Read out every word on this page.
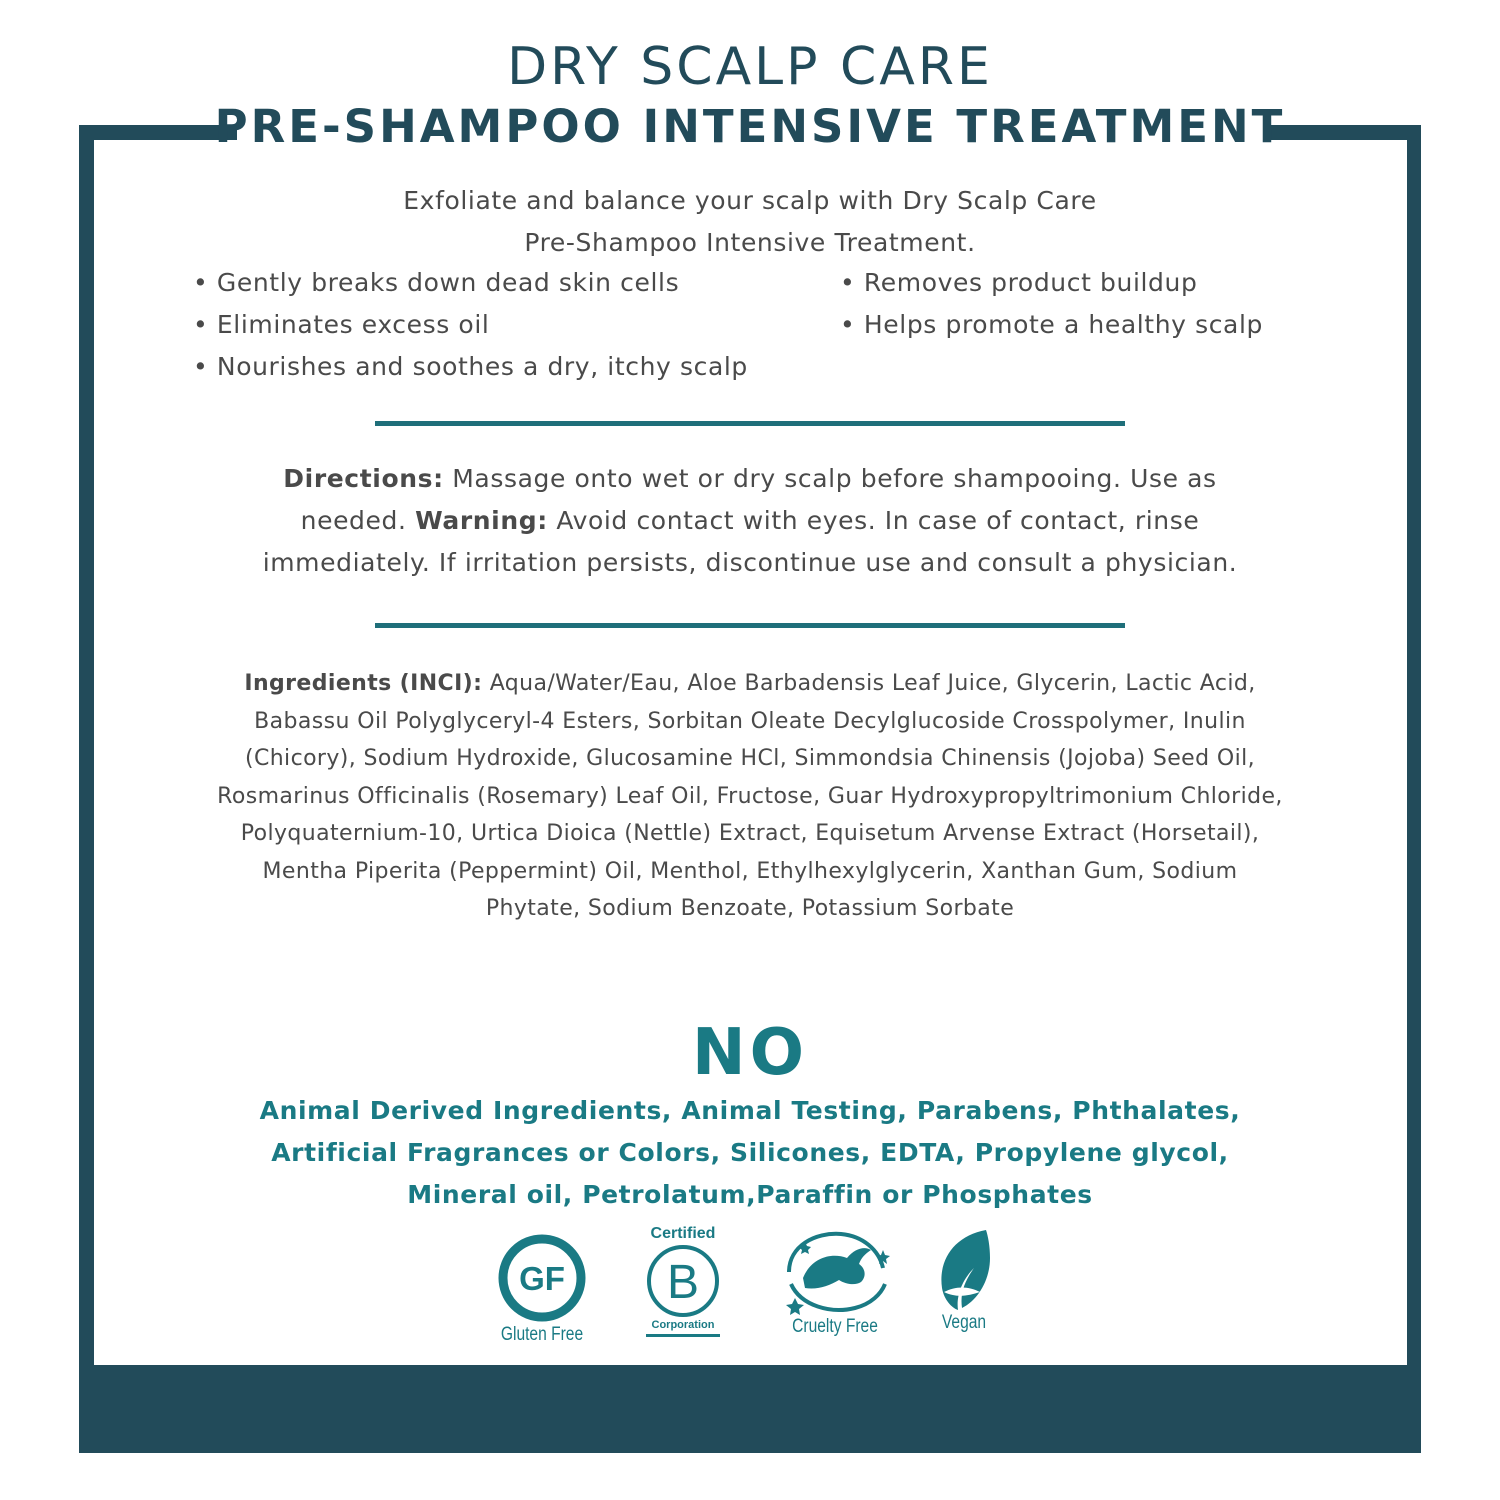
DRY SCALP CARE
PRE-SHAMPOO INTENSIVE TREATMENT

Exfoliate and balance your scalp with Dry Scalp Care
Pre-Shampoo Intensive Treatment.

• Gently breaks down dead skin cells
• Eliminates excess oil
• Nourishes and soothes a dry, itchy scalp
• Removes product buildup
• Helps promote a healthy scalp

Directions: Massage onto wet or dry scalp before shampooing. Use as
needed. Warning: Avoid contact with eyes. In case of contact, rinse
immediately. If irritation persists, discontinue use and consult a physician.

Ingredients (INCI): Aqua/Water/Eau, Aloe Barbadensis Leaf Juice, Glycerin, Lactic Acid,
Babassu Oil Polyglyceryl-4 Esters, Sorbitan Oleate Decylglucoside Crosspolymer, Inulin
(Chicory), Sodium Hydroxide, Glucosamine HCl, Simmondsia Chinensis (Jojoba) Seed Oil,
Rosmarinus Officinalis (Rosemary) Leaf Oil, Fructose, Guar Hydroxypropyltrimonium Chloride,
Polyquaternium-10, Urtica Dioica (Nettle) Extract, Equisetum Arvense Extract (Horsetail),
Mentha Piperita (Peppermint) Oil, Menthol, Ethylhexylglycerin, Xanthan Gum, Sodium
Phytate, Sodium Benzoate, Potassium Sorbate

NO

Animal Derived Ingredients, Animal Testing, Parabens, Phthalates,
Artificial Fragrances or Colors, Silicones, EDTA, Propylene glycol,
Mineral oil, Petrolatum,Paraffin or Phosphates

GF
Gluten Free
Certified
B
Corporation	Cruelty Free	Vegan
